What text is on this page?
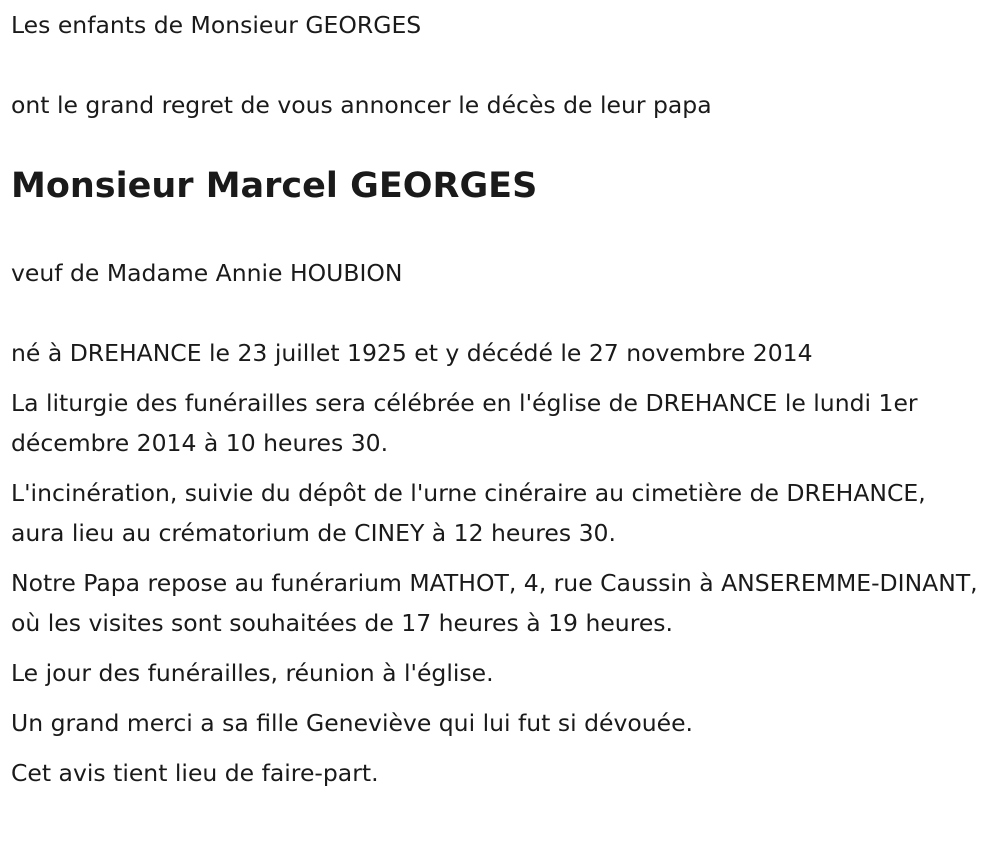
Les enfants de Monsieur GEORGES

ont le grand regret de vous annoncer le décès de leur papa

Monsieur Marcel GEORGES

veuf de Madame Annie HOUBION

né à DREHANCE le 23 juillet 1925 et y décédé le 27 novembre 2014

La liturgie des funérailles sera célébrée en l'église de DREHANCE le lundi 1er décembre 2014 à 10 heures 30.

L'incinération, suivie du dépôt de l'urne cinéraire au cimetière de DREHANCE, aura lieu au crématorium de CINEY à 12 heures 30.

Notre Papa repose au funérarium MATHOT, 4, rue Caussin à ANSEREMME-DINANT, où les visites sont souhaitées de 17 heures à 19 heures.

Le jour des funérailles, réunion à l'église.

Un grand merci a sa fille Geneviève qui lui fut si dévouée.

Cet avis tient lieu de faire-part.
